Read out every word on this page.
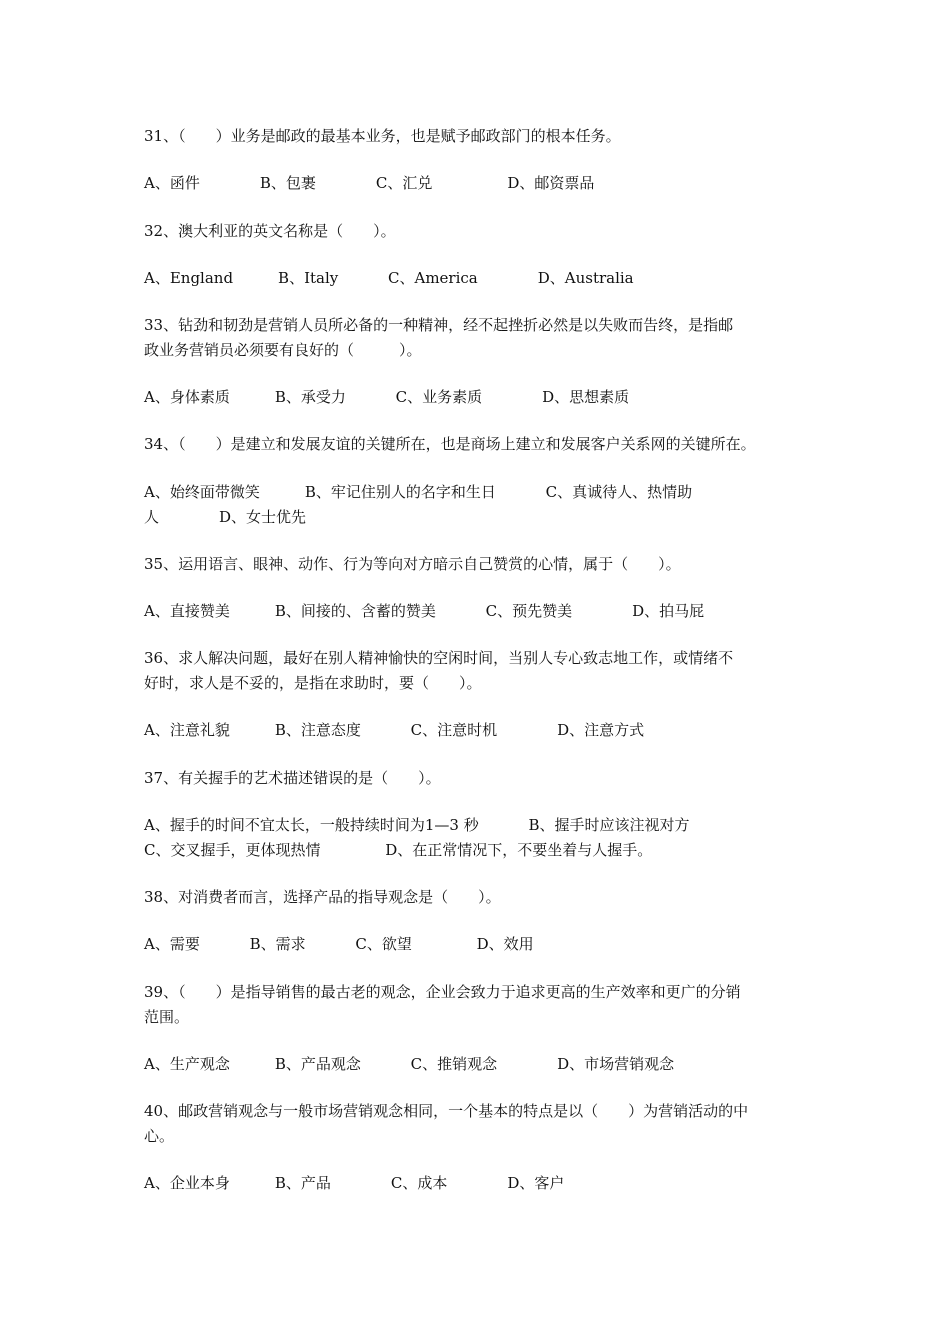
31、（　　）业务是邮政的最基本业务，也是赋予邮政部门的根本任务。

A、函件　　　　B、包裹　　　　C、汇兑　　　　　D、邮资票品

32、澳大利亚的英文名称是（　　）。

A、England　　　B、Italy　　　 C、America　　　　D、Australia

33、钻劲和韧劲是营销人员所必备的一种精神，经不起挫折必然是以失败而告终，是指邮

政业务营销员必须要有良好的（　　　）。

A、身体素质　　　B、承受力　　　 C、业务素质　　　　D、思想素质

34、（　　）是建立和发展友谊的关键所在，也是商场上建立和发展客户关系网的关键所在。

A、始终面带微笑　　　B、牢记住别人的名字和生日　　　 C、真诚待人、热情助

人　　　　D、女士优先

35、运用语言、眼神、动作、行为等向对方暗示自己赞赏的心情，属于（　　）。

A、直接赞美　　　B、间接的、含蓄的赞美　　　 C、预先赞美　　　　D、拍马屁

36、求人解决问题，最好在别人精神愉快的空闲时间，当别人专心致志地工作，或情绪不

好时，求人是不妥的，是指在求助时，要（　　）。

A、注意礼貌　　　B、注意态度　　　 C、注意时机　　　　D、注意方式

37、有关握手的艺术描述错误的是（　　）。

A、握手的时间不宜太长，一般持续时间为1—3 秒　　　 B、握手时应该注视对方

C、交叉握手，更体现热情　　　　 D、在正常情况下，不要坐着与人握手。

38、对消费者而言，选择产品的指导观念是（　　）。

A、需要　　　 B、需求　　　 C、欲望　　　　 D、效用

39、（　　）是指导销售的最古老的观念，企业会致力于追求更高的生产效率和更广的分销

范围。

A、生产观念　　　B、产品观念　　　 C、推销观念　　　　D、市场营销观念

40、邮政营销观念与一般市场营销观念相同，一个基本的特点是以（　　）为营销活动的中

心。

A、企业本身　　　B、产品　　　　C、成本　　　　D、客户
